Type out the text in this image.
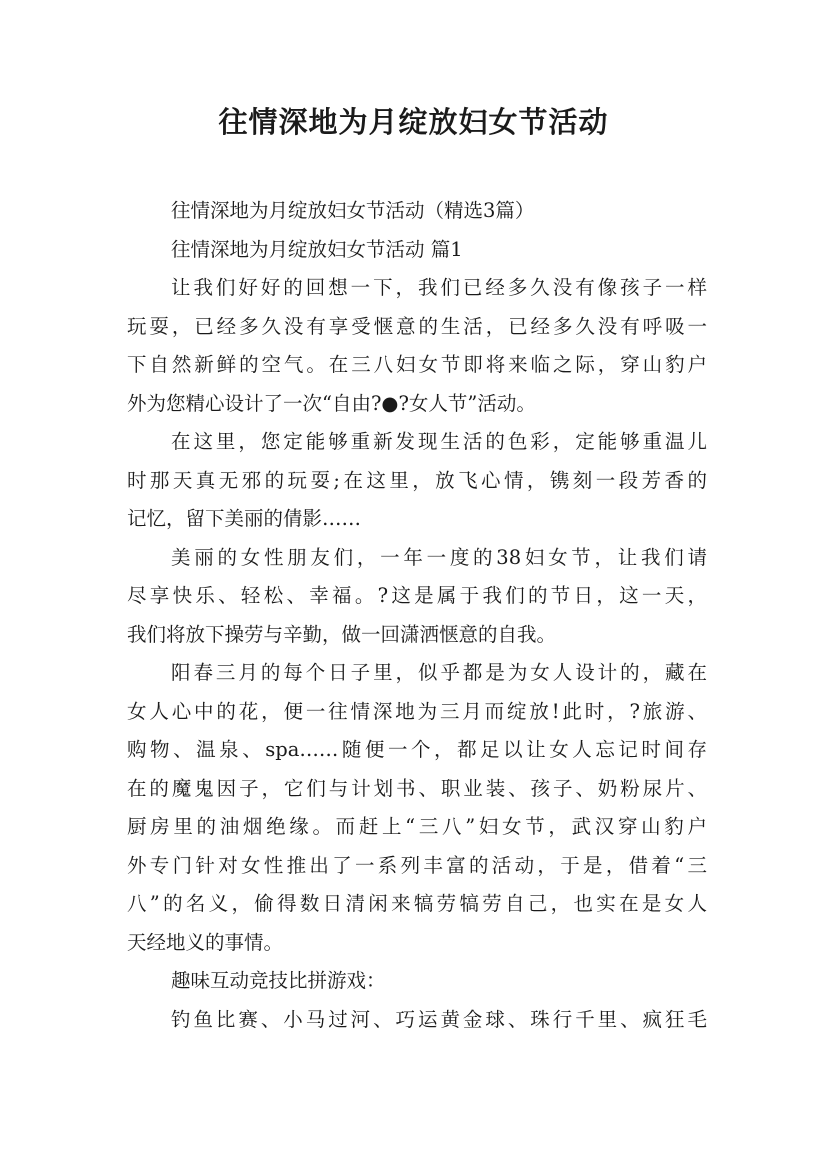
往情深地为月绽放妇女节活动
往情深地为月绽放妇女节活动（精选3篇）
往情深地为月绽放妇女节活动 篇1
让我们好好的回想一下，我们已经多久没有像孩子一样
玩耍，已经多久没有享受惬意的生活，已经多久没有呼吸一
下自然新鲜的空气。在三八妇女节即将来临之际，穿山豹户
外为您精心设计了一次“自由?●?女人节”活动。
在这里，您定能够重新发现生活的色彩，定能够重温儿
时那天真无邪的玩耍;在这里，放飞心情，镌刻一段芳香的
记忆，留下美丽的倩影……
美丽的女性朋友们，一年一度的38妇女节，让我们请
尽享快乐、轻松、幸福。?这是属于我们的节日，这一天，
我们将放下操劳与辛勤，做一回潇洒惬意的自我。
阳春三月的每个日子里，似乎都是为女人设计的，藏在
女人心中的花，便一往情深地为三月而绽放!此时，?旅游、
购物、温泉、spa……随便一个，都足以让女人忘记时间存
在的魔鬼因子，它们与计划书、职业装、孩子、奶粉尿片、
厨房里的油烟绝缘。而赶上“三八”妇女节，武汉穿山豹户
外专门针对女性推出了一系列丰富的活动，于是，借着“三
八”的名义，偷得数日清闲来犒劳犒劳自己，也实在是女人
天经地义的事情。
趣味互动竞技比拼游戏：
钓鱼比赛、小马过河、巧运黄金球、珠行千里、疯狂毛
